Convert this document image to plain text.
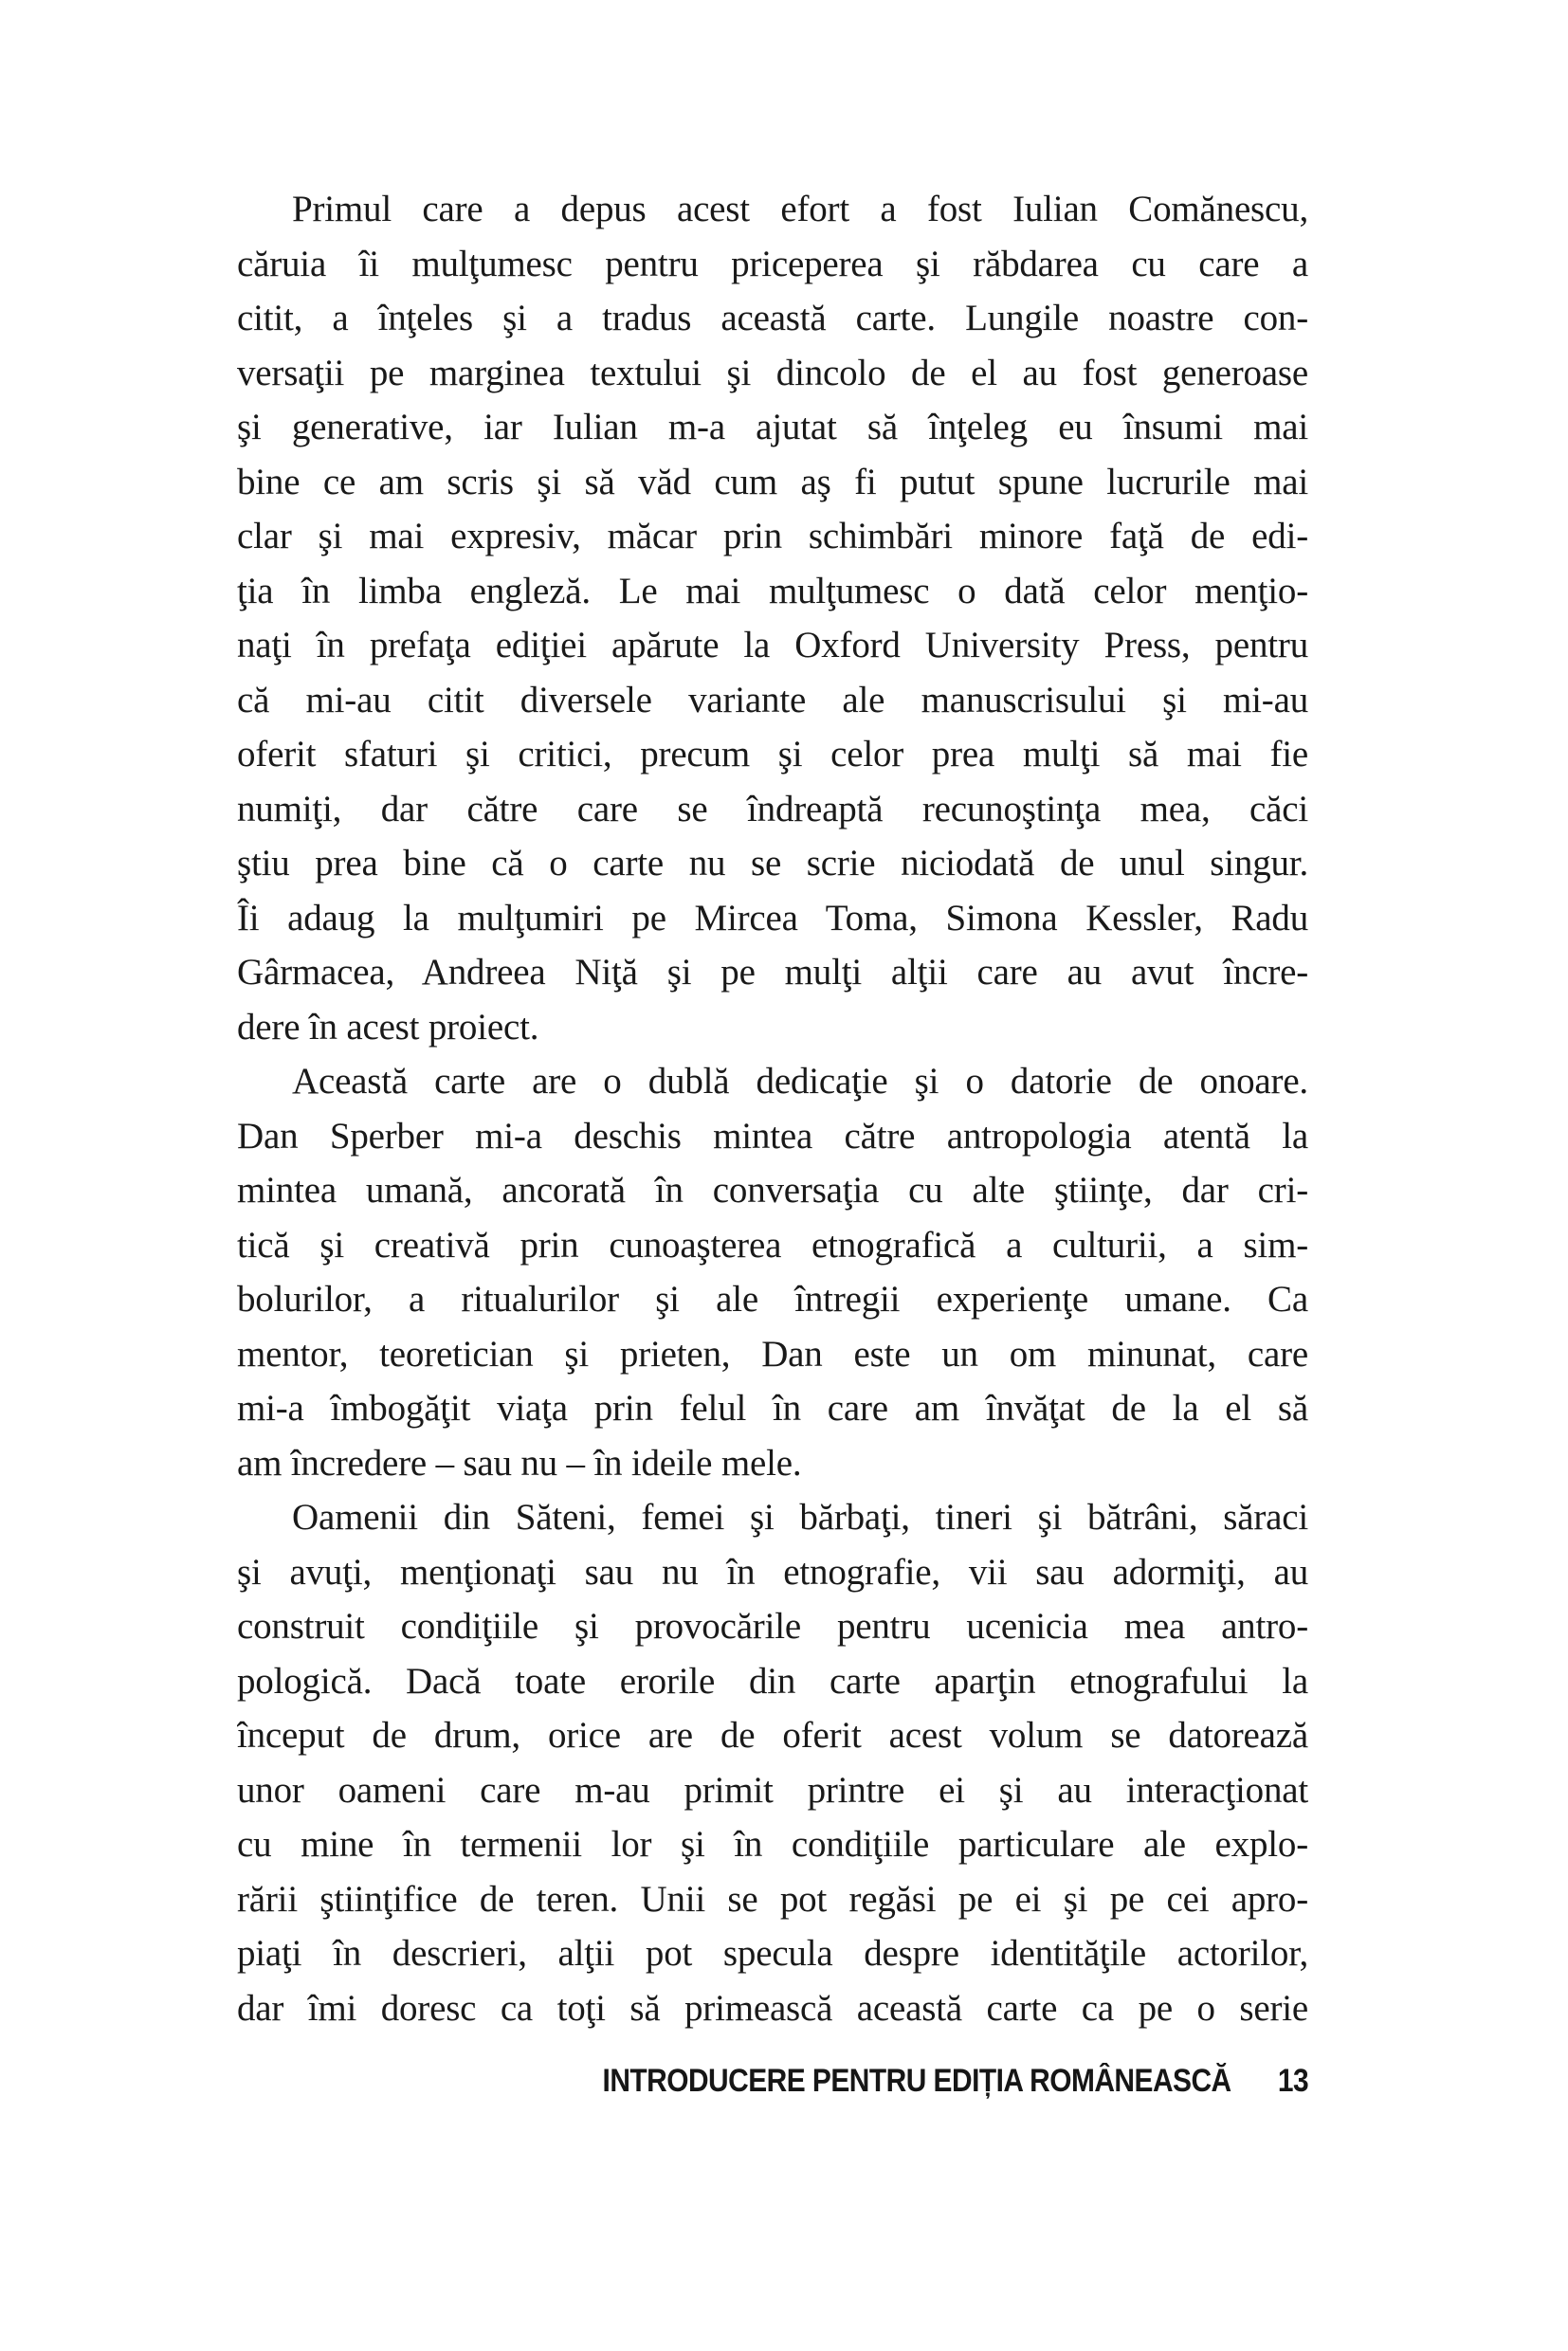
Primul care a depus acest efort a fost Iulian Comănescu,
căruia îi mulţumesc pentru priceperea şi răbdarea cu care a
citit, a înţeles şi a tradus această carte. Lungile noastre con-
versaţii pe marginea textului şi dincolo de el au fost generoase
şi generative, iar Iulian m-a ajutat să înţeleg eu însumi mai
bine ce am scris şi să văd cum aş fi putut spune lucrurile mai
clar şi mai expresiv, măcar prin schimbări minore faţă de edi-
ţia în limba engleză. Le mai mulţumesc o dată celor menţio-
naţi în prefaţa ediţiei apărute la Oxford University Press, pentru
că mi-au citit diversele variante ale manuscrisului şi mi-au
oferit sfaturi şi critici, precum şi celor prea mulţi să mai fie
numiţi, dar către care se îndreaptă recunoştinţa mea, căci
ştiu prea bine că o carte nu se scrie niciodată de unul singur.
Îi adaug la mulţumiri pe Mircea Toma, Simona Kessler, Radu
Gârmacea, Andreea Niţă şi pe mulţi alţii care au avut încre-
dere în acest proiect.
Această carte are o dublă dedicaţie şi o datorie de onoare.
Dan Sperber mi-a deschis mintea către antropologia atentă la
mintea umană, ancorată în conversaţia cu alte ştiinţe, dar cri-
tică şi creativă prin cunoaşterea etnografică a culturii, a sim-
bolurilor, a ritualurilor şi ale întregii experienţe umane. Ca
mentor, teoretician şi prieten, Dan este un om minunat, care
mi-a îmbogăţit viaţa prin felul în care am învăţat de la el să
am încredere – sau nu – în ideile mele.
Oamenii din Săteni, femei şi bărbaţi, tineri şi bătrâni, săraci
şi avuţi, menţionaţi sau nu în etnografie, vii sau adormiţi, au
construit condiţiile şi provocările pentru ucenicia mea antro-
pologică. Dacă toate erorile din carte aparţin etnografului la
început de drum, orice are de oferit acest volum se datorează
unor oameni care m-au primit printre ei şi au interacţionat
cu mine în termenii lor şi în condiţiile particulare ale explo-
rării ştiinţifice de teren. Unii se pot regăsi pe ei şi pe cei apro-
piaţi în descrieri, alţii pot specula despre identităţile actorilor,
dar îmi doresc ca toţi să primească această carte ca pe o serie
INTRODUCERE PENTRU EDIȚIA ROMÂNEASCĂ 13
